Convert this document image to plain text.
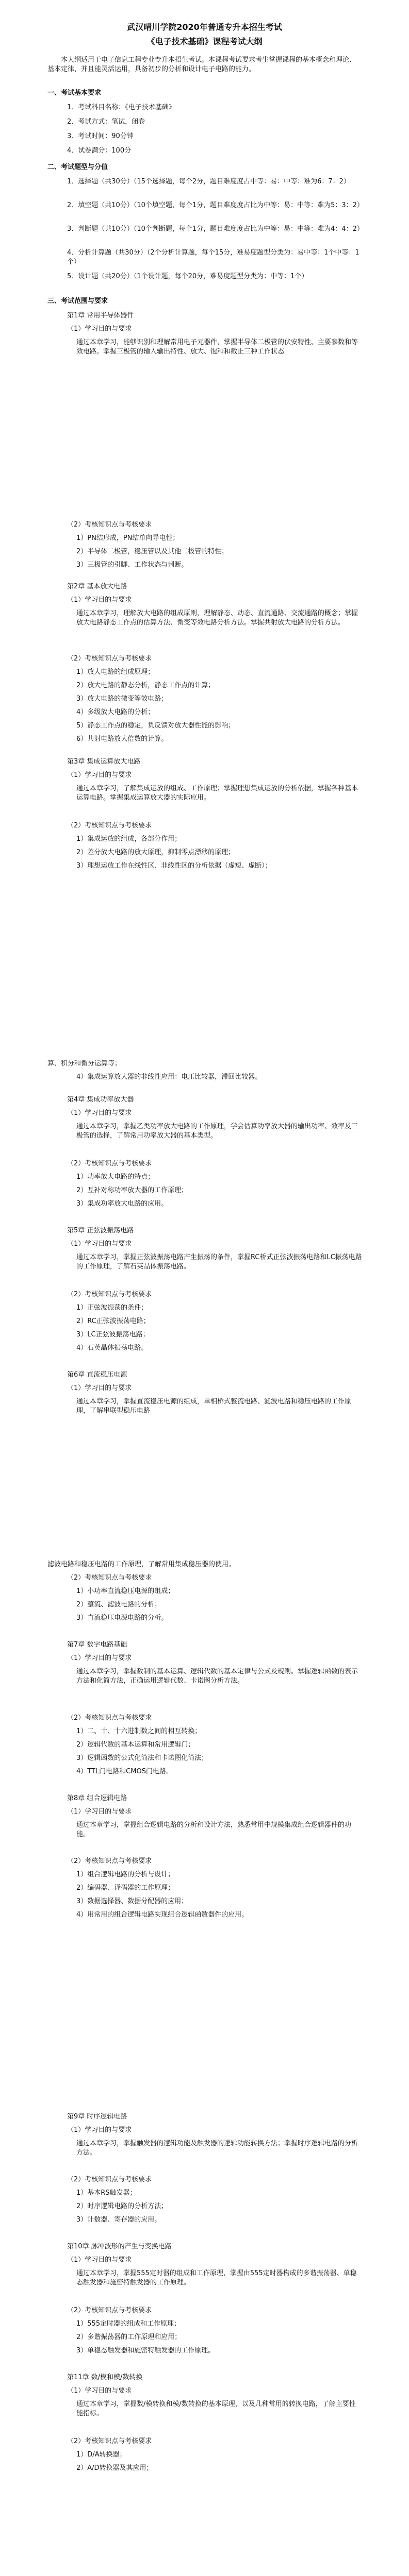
武汉晴川学院2020年普通专升本招生考试
《电子技术基础》课程考试大纲
本大纲适用于电子信息工程专业专升本招生考试。本课程考试要求考生掌握课程的基本概念和理论、基本定律，并且能灵活运用，具备初步的分析和设计电子电路的能力。
一、考试基本要求
1．考试科目名称：《电子技术基础》
2．考试方式：笔试，闭卷
3．考试时间：90分钟
4．试卷满分：100分
二、考试题型与分值
1．选择题（共30分）（15个选择题，每个2分，题目难度度占中等：易：中等：难为6：7：2）
2．填空题（共10分）（10个填空题，每个1分，题目难度度占比为中等：易：中等：难为5：3：2）
3．判断题（共10分）（10个判断题，每个1分，题目难度度占比为中等：易：中等：难为4：4：2）
4．分析计算题（共30分）（2个分析计算题，每个15分，难易度题型分类为：易中等：1个中等：1个）
5．设计题（共20分）（1个设计题，每个20分，难易度题型分类为：中等：1个）
三、考试范围与要求
第1章 常用半导体器件
（1）学习目的与要求
通过本章学习，能够识别和理解常用电子元器件，掌握半导体二极管的伏安特性、主要参数和等效电路。掌握三极管的输入输出特性、放大、饱和和截止三种工作状态
（2）考核知识点与考核要求
1）PN结形成，PN结单向导电性；
2）半导体二极管，稳压管以及其他二极管的特性；
3）三极管的引脚、工作状态与判断。
第2章 基本放大电路
（1）学习目的与要求
通过本章学习，理解放大电路的组成原则，理解静态、动态、直流通路、交流通路的概念；掌握放大电路静态工作点的估算方法、微变等效电路分析方法。掌握共射放大电路的分析方法。
（2）考核知识点与考核要求
1）放大电路的组成原理；
2）放大电路的静态分析，静态工作点的计算；
3）放大电路的微变等效电路；
4）多级放大电路的分析；
5）静态工作点的稳定，负反馈对放大器性能的影响；
6）共射电路放大倍数的计算。
第3章 集成运算放大电路
（1）学习目的与要求
通过本章学习，了解集成运放的组成、工作原理；掌握理想集成运放的分析依据，掌握各种基本运算电路。掌握集成运算放大器的实际应用。
（2）考核知识点与考核要求
1）集成运放的组成，各部分作用；
2）差分放大电路的放大原理，抑制零点漂移的原理；
3）理想运放工作在线性区、非线性区的分析依据（虚短、虚断）；
算、积分和微分运算等；
4）集成运算放大器的非线性应用：电压比较器，滞回比较器。
第4章 集成功率放大器
（1）学习目的与要求
通过本章学习，掌握乙类功率放大电路的工作原理，学会估算功率放大器的输出功率、效率及三极管的选择，了解常用功率放大器的基本类型。
（2）考核知识点与考核要求
1）功率放大电路的特点；
2）互补对称功率放大器的工作原理；
3）集成功率放大电路的应用。
第5章 正弦波振荡电路
（1）学习目的与要求
通过本章学习，掌握正弦波振荡电路产生振荡的条件，掌握RC桥式正弦波振荡电路和LC振荡电路的工作原理，了解石英晶体振荡电路。
（2）考核知识点与考核要求
1）正弦波振荡的条件；
2）RC正弦波振荡电路；
3）LC正弦波振荡电路；
4）石英晶体振荡电路。
第6章 直流稳压电源
（1）学习目的与要求
通过本章学习，掌握直流稳压电源的组成，单相桥式整流电路、滤波电路和稳压电路的工作原理，了解串联型稳压电路
滤波电路和稳压电路的工作原理，了解常用集成稳压器的使用。
（2）考核知识点与考核要求
1）小功率直流稳压电源的组成；
2）整流、滤波电路的分析；
3）直流稳压电源电路的分析。
第7章 数字电路基础
（1）学习目的与要求
通过本章学习，掌握数制的基本运算、逻辑代数的基本定律与公式及规则。掌握逻辑函数的表示方法和化简方法，正确运用逻辑代数、卡诺图分析方法。
（2）考核知识点与考核要求
1）二、十、十六进制数之间的相互转换；
2）逻辑代数的基本运算和常用逻辑门；
3）逻辑函数的公式化简法和卡诺图化简法；
4）TTL门电路和CMOS门电路。
第8章 组合逻辑电路
（1）学习目的与要求
通过本章学习，掌握组合逻辑电路的分析和设计方法，熟悉常用中规模集成组合逻辑器件的功能。
（2）考核知识点与考核要求
1）组合逻辑电路的分析与设计；
2）编码器、译码器的工作原理；
3）数据选择器、数据分配器的应用；
4）用常用的组合逻辑电路实现组合逻辑函数器件的应用。
第9章 时序逻辑电路
（1）学习目的与要求
通过本章学习，掌握触发器的逻辑功能及触发器的逻辑功能转换方法；掌握时序逻辑电路的分析方法。
（2）考核知识点与考核要求
1）基本RS触发器；
2）时序逻辑电路的分析方法；
3）计数器、寄存器的应用。
第10章 脉冲波形的产生与变换电路
（1）学习目的与要求
通过本章学习，掌握555定时器的组成和工作原理，掌握由555定时器构成的多谐振荡器、单稳态触发器和施密特触发器的工作原理。
（2）考核知识点与考核要求
1）555定时器的组成和工作原理；
2）多谐振荡器的工作原理和应用；
3）单稳态触发器和施密特触发器的工作原理。
第11章 数/模和模/数转换
（1）学习目的与要求
通过本章学习，掌握数/模转换和模/数转换的基本原理，以及几种常用的转换电路，了解主要性能指标。
（2）考核知识点与考核要求
1）D/A转换器；
2）A/D转换器及其应用；
